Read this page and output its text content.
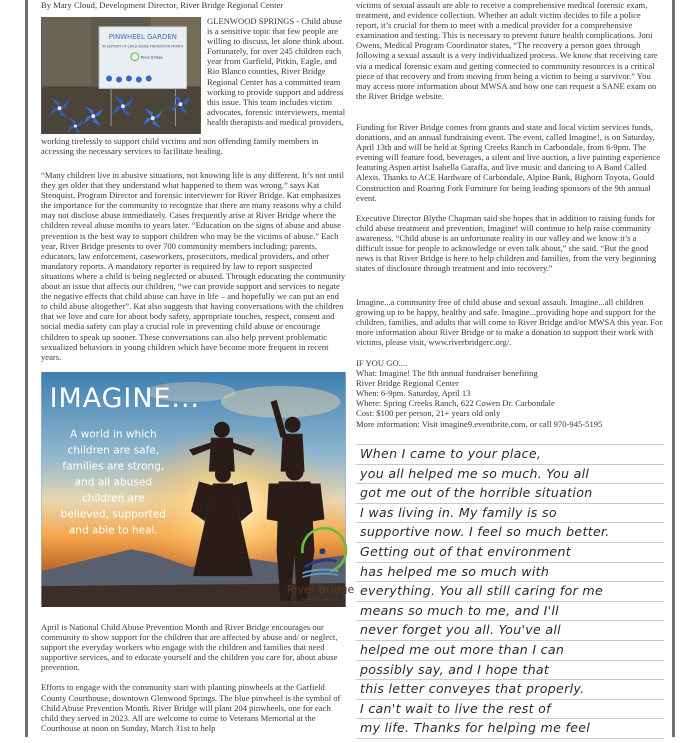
By Mary Cloud, Development Director, River Bridge Regional Center
PINWHEEL GARDEN
IN SUPPORT OF CHILD ABUSE PREVENTION MONTH
River Bridge

GLENWOOD SPRINGS - Child abuse is a sensitive topic that few people are willing to discuss, let alone think about. Fortunately, for over 245 children each year from Garfield, Pitkin, Eagle, and Rio Blanco counties, River Bridge Regional Center has a committed team working to provide support and address this issue. This team includes victim advocates, forensic interviewers, mental health therapists and medical providers,

working tirelessly to support child victims and non offending family members in accessing the necessary services to facilitate healing.

“Many children live in abusive situations, not knowing life is any different. It’s not until they get older that they understand what happened to them was wrong.” says Kat Stenquist, Program Director and forensic interviewer for River Bridge. Kat emphasizes the importance for the community to recognize that there are many reasons why a child may not disclose abuse immediately. Cases frequently arise at River Bridge where the children reveal abuse months to years later. “Education on the signs of abuse and abuse prevention is the best way to support children who may be the victims of abuse.” Each year, River Bridge presents to over 700 community members including: parents, educators, law enforcement, caseworkers, prosecutors, medical providers, and other mandatory reports. A mandatory reporter is required by law to report suspected situations where a child is being neglected or abused. Through educating the community about an issue that affects our children, “we can provide support and services to negate the negative effects that child abuse can have in life – and hopefully we can put an end to child abuse altogether”. Kat also suggests that having conversations with the children that we love and care for about body safety, appropriate touches, respect, consent and social media safety can play a crucial role in preventing child abuse or encourage children to speak up sooner. These conversations can also help prevent problematic sexualized behaviors in young children which have become more frequent in recent years.

IMAGINE...
A world in which
children are safe,
families are strong,
and all abused
children are
believed, supported
and able to heal.
River Bridge
Regional Center Inc.

April is National Child Abuse Prevention Month and River Bridge encourages our community to show support for the children that are affected by abuse and/ or neglect, support the everyday workers who engage with the children and families that need supportive services, and to educate yourself and the children you care for, about abuse prevention.

Efforts to engage with the community start with planting pinwheels at the Garfield County Courthouse, downtown Glenwood Springs. The blue pinwheel is the symbol of Child Abuse Prevention Month. River Bridge will plant 204 pinwheels, one for each child they served in 2023. All are welcome to come to Veterans Memorial at the Courthouse at noon on Sunday, March 31st to help

victims of sexual assault are able to receive a comprehensive medical forensic exam, treatment, and evidence collection. Whether an adult victim decides to file a police report, it’s crucial for them to meet with a medical provider for a comprehensive examination and testing. This is necessary to prevent future health complications. Joni Owens, Medical Program Coordinator states, “The recovery a person goes through following a sexual assault is a very individualized process. We know that receiving care via a medical forensic exam and getting connected to community resources is a critical piece of that recovery and from moving from being a victim to being a survivor.” You may access more information about MWSA and how one can request a SANE exam on the River Bridge website.

Funding for River Bridge comes from grants and state and local victim services funds, donations, and an annual fundraising event. The event, called Imagine!, is on Saturday, April 13th and will be held at Spring Creeks Ranch in Carbondale, from 6-9pm. The evening will feature food, beverages, a silent and live auction, a live painting experience featuring Aspen artist Isabella Garaffa, and live music and dancing to A Band Called Alexis. Thanks to ACE Hardware of Carbondale, Alpine Bank, Bighorn Toyota, Gould Construction and Roaring Fork Furniture for being leading sponsors of the 9th annual event.

Executive Director Blythe Chapman said she hopes that in addition to raising funds for child abuse treatment and prevention, Imagine! will continue to help raise community awareness. “Child abuse is an unfortunate reality in our valley and we know it’s a difficult issue for people to acknowledge or even talk about,” she said. “But the good news is that River Bridge is here to help children and families, from the very beginning states of disclosure through treatment and into recovery.”

Imagine...a community free of child abuse and sexual assault. Imagine...all children growing up to be happy, healthy and safe. Imagine...providing hope and support for the children, families, and adults that will come to River Bridge and/or MWSA this year. For more information about River Bridge or to make a donation to support their work with victims, please visit, www.riverbridgerc.org/.

IF YOU GO....
What: Imagine! The 8th annual fundraiser benefiting
River Bridge Regional Center
When: 6-9pm. Saturday, April 13
Where: Spring Creeks Ranch, 622 Cowen Dr. Carbondale
Cost: $100 per person, 21+ years old only
More information: Visit imagine9.eventbrite.com, or call 970-945-5195
When I came to your place,
you all helped me so much. You all
got me out of the horrible situation
I was living in. My family is so
supportive now. I feel so much better.
Getting out of that environment
has helped me so much with
everything. You all still caring for me
means so much to me, and I'll
never forget you all. You've all
helped me out more than I can
possibly say, and I hope that
this letter conveyes that properly.
I can't wait to live the rest of
my life. Thanks for helping me feel
